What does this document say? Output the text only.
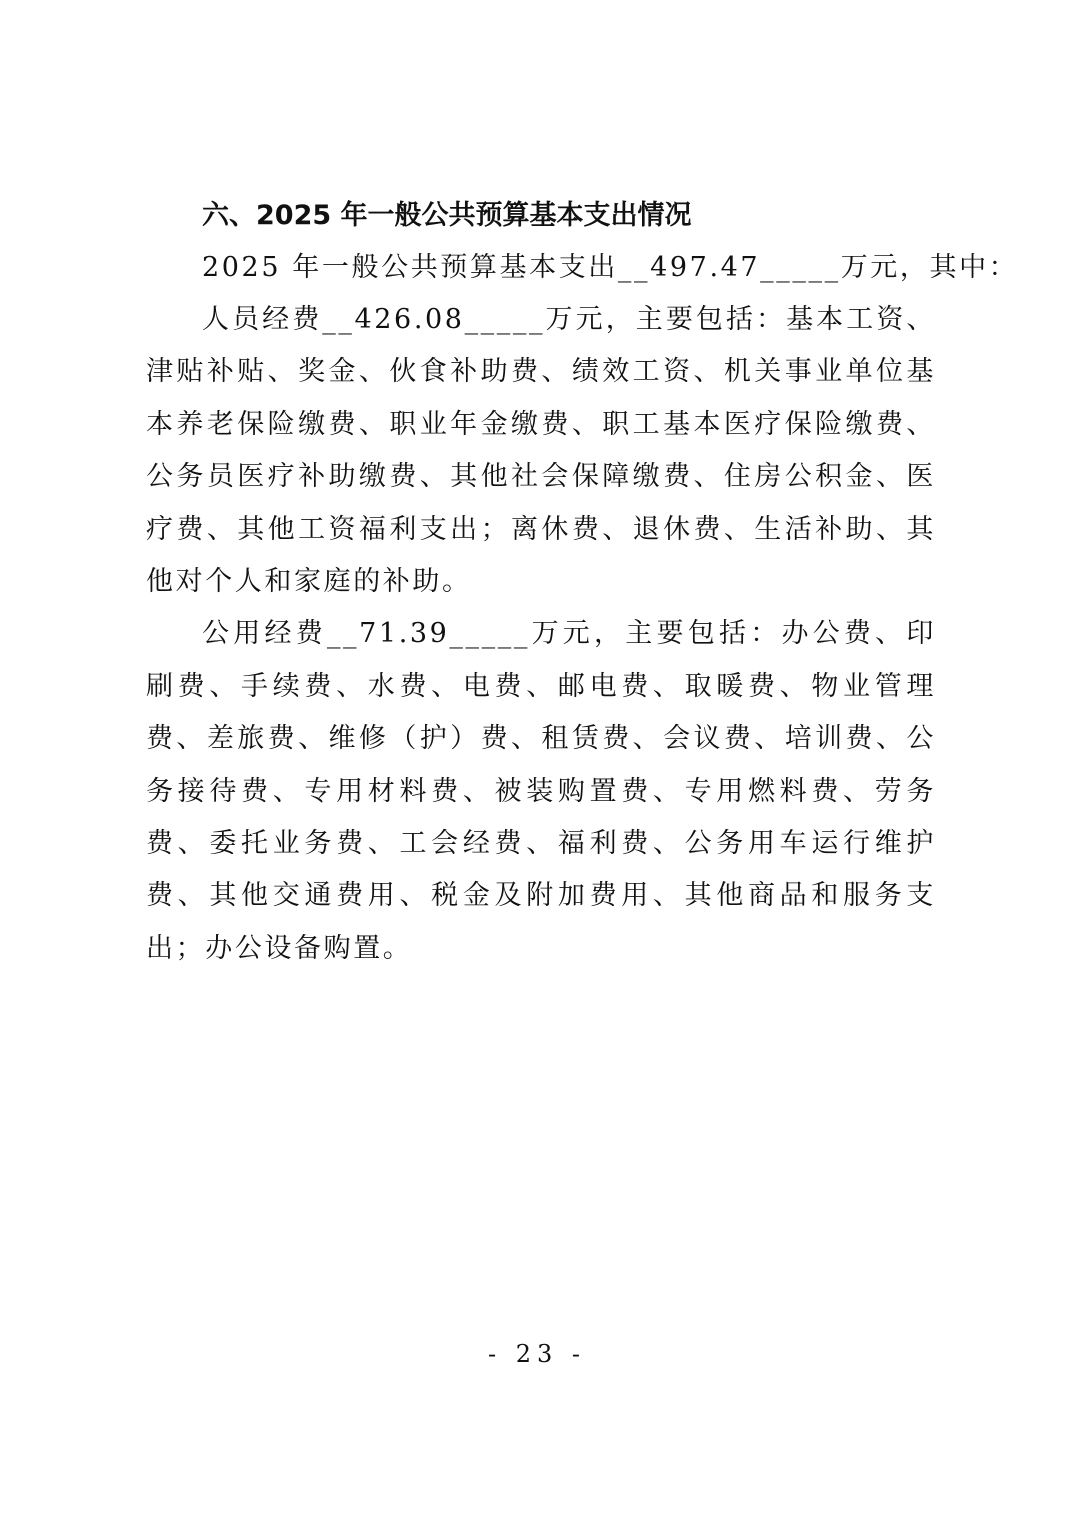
六、2025 年一般公共预算基本支出情况
2025 年一般公共预算基本支出__497.47_____万元，其中：

人员经费__426.08_____万元，主要包括：基本工资、津贴补贴、奖金、伙食补助费、绩效工资、机关事业单位基本养老保险缴费、职业年金缴费、职工基本医疗保险缴费、公务员医疗补助缴费、其他社会保障缴费、住房公积金、医疗费、其他工资福利支出；离休费、退休费、生活补助、其他对个人和家庭的补助。

公用经费__71.39_____万元，主要包括：办公费、印刷费、手续费、水费、电费、邮电费、取暖费、物业管理费、差旅费、维修（护）费、租赁费、会议费、培训费、公务接待费、专用材料费、被装购置费、专用燃料费、劳务费、委托业务费、工会经费、福利费、公务用车运行维护费、其他交通费用、税金及附加费用、其他商品和服务支出；办公设备购置。

- 23 -
